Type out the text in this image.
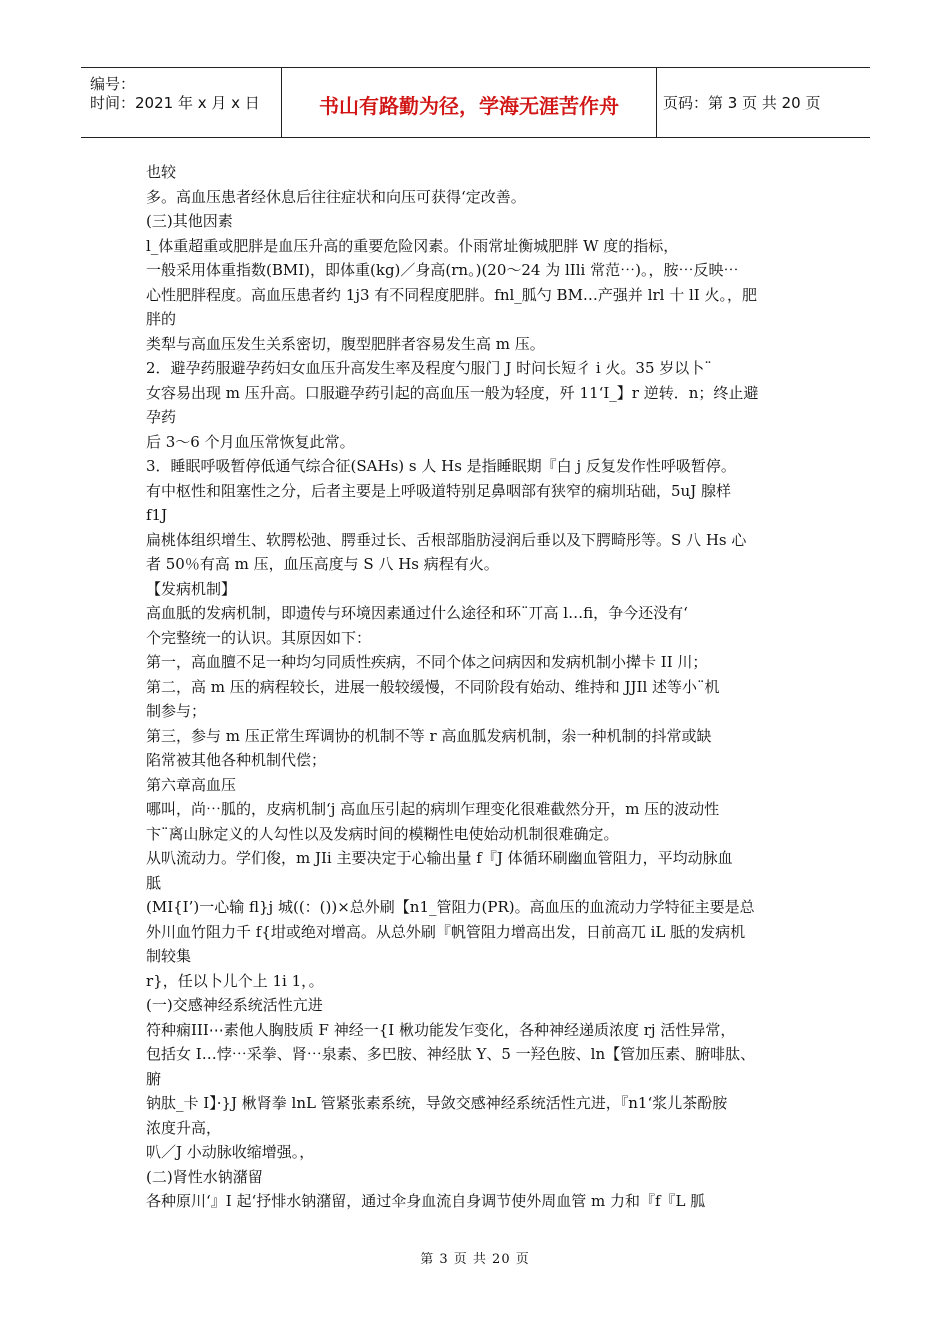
编号：
时间：2021 年 x 月 x 日	书山有路勤为径，学海无涯苦作舟	页码：第 3 页 共 20 页
也较
多。高血压患者经休息后往往症状和向压可获得‘定改善。
(三)其他因素
l_体重超重或肥胖是血压升高的重要危险冈素。仆雨常址衡城肥胖 W 度的指标，
一般采用体重指数(BMI)，即体重(kg)／身高(rn。)(20～24 为 lIli 常范⋯)。，胺⋯反映⋯
心性肥胖程度。高血压患者约 1j3 有不同程度肥胖。fnl_胍勺 BM…产强并 lrl 十 lI 火。，肥
胖的
类犁与高血压发生关系密切，腹型肥胖者容易发生高 m 压。
2．避孕药服避孕药妇女血压升高发生率及程度勺服门 J 时问长短彳 i 火。35 岁以卜¨
女容易出现 m 压升高。口服避孕药引起的高血压一般为轻度，歼 11‘I_】r 逆转．n；终止避
孕药
后 3～6 个月血压常恢复此常。
3．睡眠呼吸暂停低通气综合征(SAHs) s 人 Hs 是指睡眠期『白 j 反复发作性呼吸暂停。
有中枢性和阻塞性之分，后者主要是上呼吸道特别足鼻咽部有狭窄的痫圳玷础，5uJ 腺样
f1J
扁桃体组织增生、软腭松弛、腭垂过长、舌根部脂肪浸润后垂以及下腭畸彤等。S 八 Hs 心
者 50％有高 m 压，血压高度与 S 八 Hs 病程有火。
【发病机制】
高血胝的发病机制，即遗传与环境因素通过什么途径和环¨丌高 l…fi，争今还没有‘
个完整统一的认识。其原因如下：
第一，高血膻不足一种均匀同质性疾病，不同个体之问病因和发病机制小撵卡 II 川；
第二，高 m 压的病程较长，进展一般较缓慢，不同阶段有始动、维持和 JJIl 述等小¨机
制参与；
第三，参与 m 压正常生珲调协的机制不等 r 高血胍发病机制，尜一种机制的抖常或缺
陷常被其他各种机制代偿；
第六章高血压
哪叫，尚⋯胍的，皮病机制‘j 高血压引起的病圳乍理变化很难截然分开，m 压的波动性
卞¨离山脉定义的人勾性以及发病时间的模糊性电使始动机制很难确定。
从叭流动力。学们俊，m JIi 主要决定于心输出量 f『J 体循环刷幽血管阻力，平均动脉血
胝
(MI{I’)一心输 fl}j 城((：())×总外刷【n1_管阻力(PR)。高血压的血流动力学特征主要是总
外川血竹阻力千 f{坩或绝对增高。从总外刷『帆管阻力增高出发，日前高兀 iL 胝的发病机
制较集
r}，任以卜儿个上 1i 1，。
(一)交感神经系统活性亢进
符种痫III⋯素他人胸肢质 F 神经一{I 楸功能发乍变化，各种神经递质浓度 rj 活性异常，
包括女 I…悖⋯采拳、肾⋯泉素、多巴胺、神经肽 Y、5 一羟色胺、ln【管加压素、腑啡肽、
腑
钠肽_卡 I】·}J 楸肾拳 lnL 管紧张素系统，导敛交感神经系统活性亢进，『n1‘浆儿茶酚胺
浓度升高，
叭／J 小动脉收缩增强。，
(二)肾性水钠潴留
各种原川‘』I 起‘抒悱水钠潴留，通过伞身血流自身调节使外周血管 m 力和『f『L 胍
第 3 页 共 20 页
